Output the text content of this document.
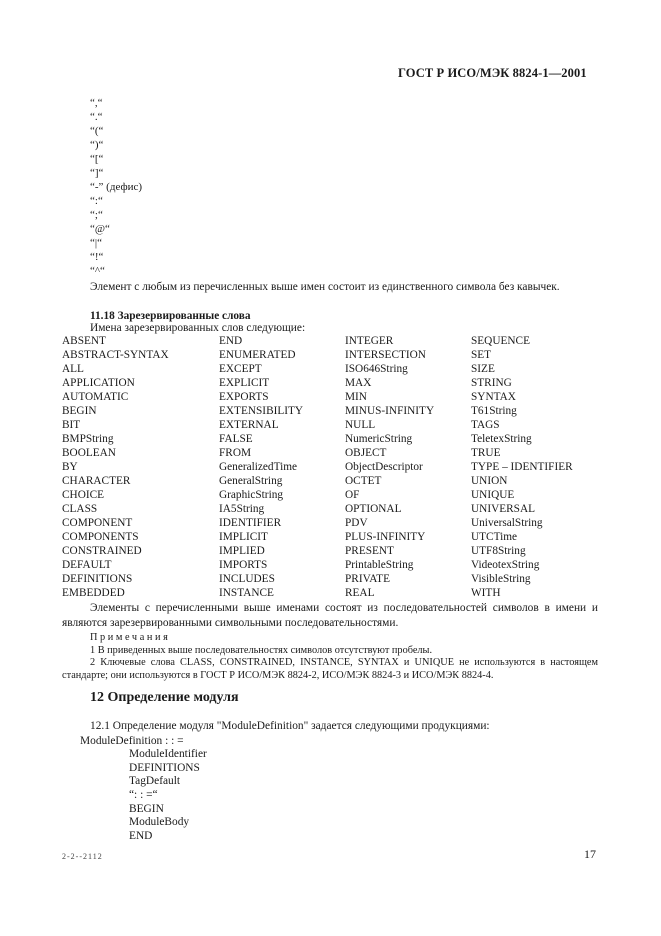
ГОСТ Р ИСО/МЭК 8824-1—2001
“,“
“.“
“(“
“)“
“[“
“]“
“-” (дефис)
“:“
“;“
“@“
“|“
“!“
“^“
Элемент с любым из перечисленных выше имен состоит из единственного символа без кавычек.
11.18 Зарезервированные слова
Имена зарезервированных слов следующие:
ABSENT	END	INTEGER	SEQUENCE
ABSTRACT-SYNTAX	ENUMERATED	INTERSECTION	SET
ALL	EXCEPT	ISO646String	SIZE
APPLICATION	EXPLICIT	MAX	STRING
AUTOMATIC	EXPORTS	MIN	SYNTAX
BEGIN	EXTENSIBILITY	MINUS-INFINITY	T61String
BIT	EXTERNAL	NULL	TAGS
BMPString	FALSE	NumericString	TeletexString
BOOLEAN	FROM	OBJECT	TRUE
BY	GeneralizedTime	ObjectDescriptor	TYPE – IDENTIFIER
CHARACTER	GeneralString	OCTET	UNION
CHOICE	GraphicString	OF	UNIQUE
CLASS	IA5String	OPTIONAL	UNIVERSAL
COMPONENT	IDENTIFIER	PDV	UniversalString
COMPONENTS	IMPLICIT	PLUS-INFINITY	UTCTime
CONSTRAINED	IMPLIED	PRESENT	UTF8String
DEFAULT	IMPORTS	PrintableString	VideotexString
DEFINITIONS	INCLUDES	PRIVATE	VisibleString
EMBEDDED	INSTANCE	REAL	WITH
Элементы с перечисленными выше именами состоят из последовательностей символов в имени и являются зарезервированными символьными последовательностями.
Примечания
1 В приведенных выше последовательностях символов отсутствуют пробелы.
2 Ключевые слова CLASS, CONSTRAINED, INSTANCE, SYNTAX и UNIQUE не используются в настоящем стандарте; они используются в ГОСТ Р ИСО/МЭК 8824-2, ИСО/МЭК 8824-3 и ИСО/МЭК 8824-4.
12 Определение модуля
12.1 Определение модуля "ModuleDefinition" задается следующими продукциями:
ModuleDefinition : : =
ModuleIdentifier
DEFINITIONS
TagDefault
“: : =“
BEGIN
ModuleBody
END
2-2--2112	17
